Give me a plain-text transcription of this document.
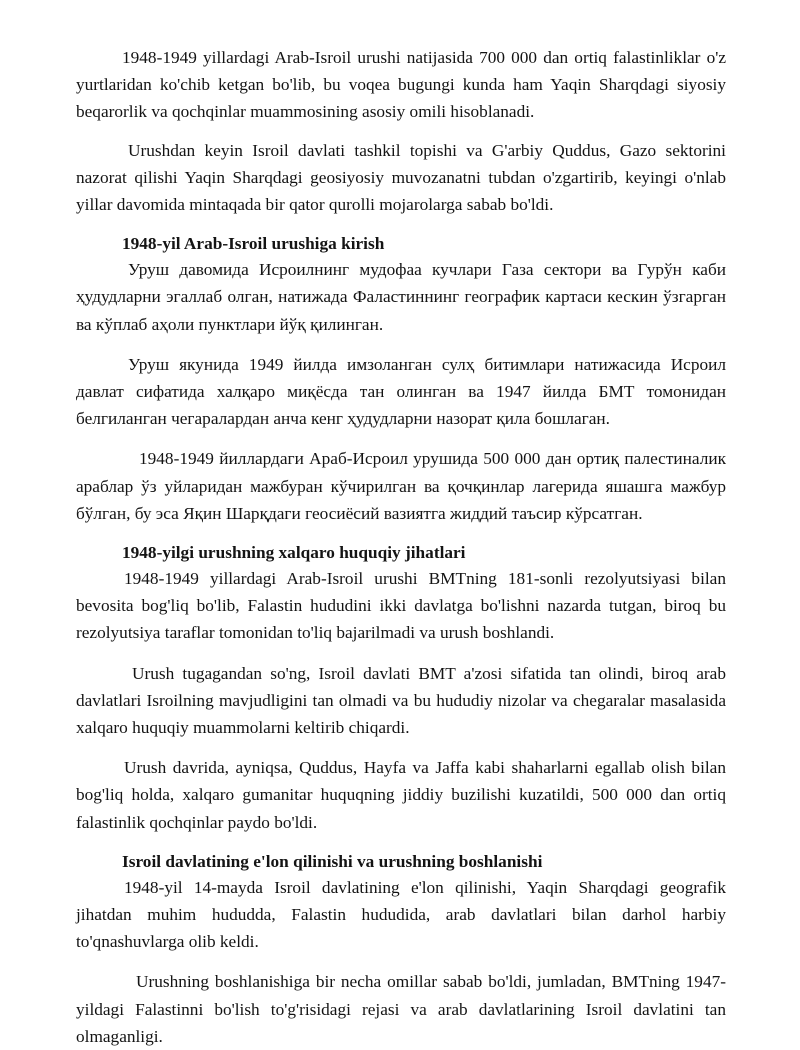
1948-1949 yillardagi Arab-Isroil urushi natijasida 700 000 dan ortiq falastinliklar o'z yurtlaridan ko'chib ketgan bo'lib, bu voqea bugungi kunda ham Yaqin Sharqdagi siyosiy beqarorlik va qochqinlar muammosining asosiy omili hisoblanadi.

Urushdan keyin Isroil davlati tashkil topishi va G'arbiy Quddus, Gazo sektorini nazorat qilishi Yaqin Sharqdagi geosiyosiy muvozanatni tubdan o'zgartirib, keyingi o'nlab yillar davomida mintaqada bir qator qurolli mojarolarga sabab bo'ldi.

1948-yil Arab-Isroil urushiga kirish

Уруш давомида Исроилнинг мудофаа кучлари Газа сектори ва Гурўн каби ҳудудларни эгаллаб олган, натижада Фаластиннинг географик картаси кескин ўзгарган ва кўплаб аҳоли пунктлари йўқ қилинган.

Уруш якунида 1949 йилда имзоланган сулҳ битимлари натижасида Исроил давлат сифатида халқаро миқёсда тан олинган ва 1947 йилда БМТ томонидан белгиланган чегаралардан анча кенг ҳудудларни назорат қила бошлаган.

1948-1949 йиллардаги Араб-Исроил урушида 500 000 дан ортиқ палестиналик араблар ўз уйларидан мажбуран кўчирилган ва қочқинлар лагерида яшашга мажбур бўлган, бу эса Яқин Шарқдаги геосиёсий вазиятга жиддий таъсир кўрсатган.

1948-yilgi urushning xalqaro huquqiy jihatlari

1948-1949 yillardagi Arab-Isroil urushi BMTning 181-sonli rezolyutsiyasi bilan bevosita bog'liq bo'lib, Falastin hududini ikki davlatga bo'lishni nazarda tutgan, biroq bu rezolyutsiya taraflar tomonidan to'liq bajarilmadi va urush boshlandi.

Urush tugagandan so'ng, Isroil davlati BMT a'zosi sifatida tan olindi, biroq arab davlatlari Isroilning mavjudligini tan olmadi va bu hududiy nizolar va chegaralar masalasida xalqaro huquqiy muammolarni keltirib chiqardi.

Urush davrida, ayniqsa, Quddus, Hayfa va Jaffa kabi shaharlarni egallab olish bilan bog'liq holda, xalqaro gumanitar huquqning jiddiy buzilishi kuzatildi, 500 000 dan ortiq falastinlik qochqinlar paydo bo'ldi.

Isroil davlatining e'lon qilinishi va urushning boshlanishi

1948-yil 14-mayda Isroil davlatining e'lon qilinishi, Yaqin Sharqdagi geografik jihatdan muhim hududda, Falastin hududida, arab davlatlari bilan darhol harbiy to'qnashuvlarga olib keldi.

Urushning boshlanishiga bir necha omillar sabab bo'ldi, jumladan, BMTning 1947-yildagi Falastinni bo'lish to'g'risidagi rejasi va arab davlatlarining Isroil davlatini tan olmaganligi.
